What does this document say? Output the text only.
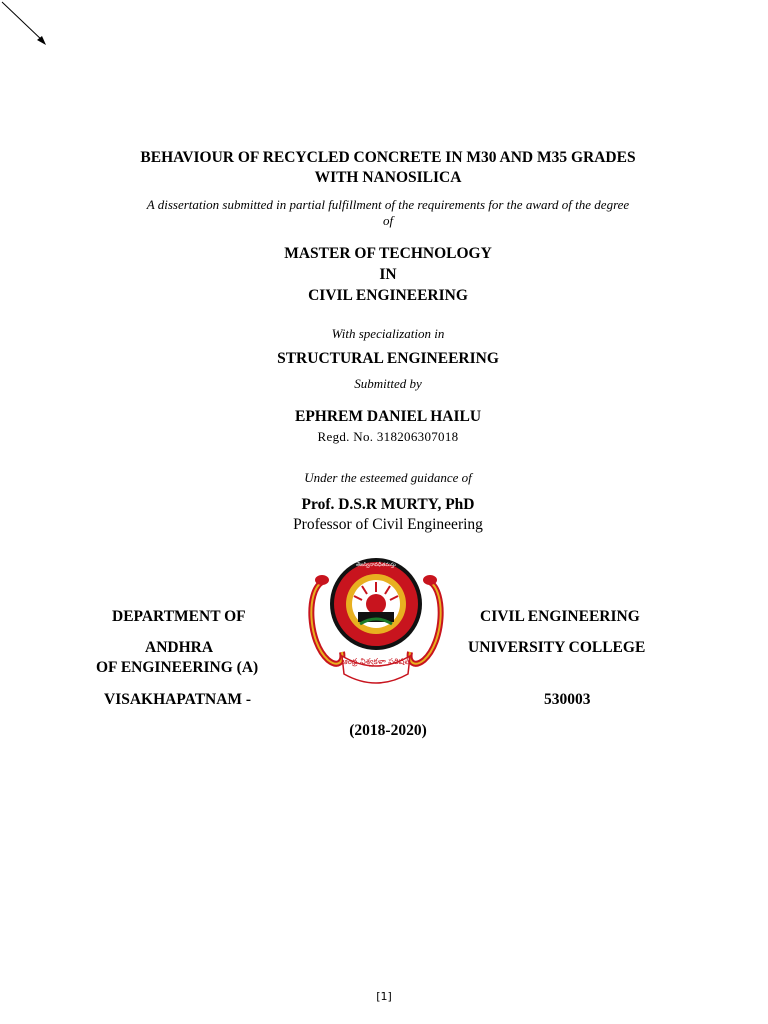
BEHAVIOUR OF RECYCLED CONCRETE IN M30 AND M35 GRADES
WITH NANOSILICA
A dissertation submitted in partial fulfillment of the requirements for the award of the degree
of
MASTER OF TECHNOLOGY
IN
CIVIL ENGINEERING
With specialization in
STRUCTURAL ENGINEERING
Submitted by
EPHREM DANIEL HAILU
Regd. No. 318206307018
Under the esteemed guidance of
Prof. D.S.R MURTY, PhD
Professor of Civil Engineering
DEPARTMENT OF	CIVIL ENGINEERING
ANDHRA	UNIVERSITY COLLEGE
OF ENGINEERING (A)
VISAKHAPATNAM -	530003
ఆంధ్ర విశ్వకళా పరిషత్
తేజస్వినావధీతమస్తు
(2018-2020)
[1]
